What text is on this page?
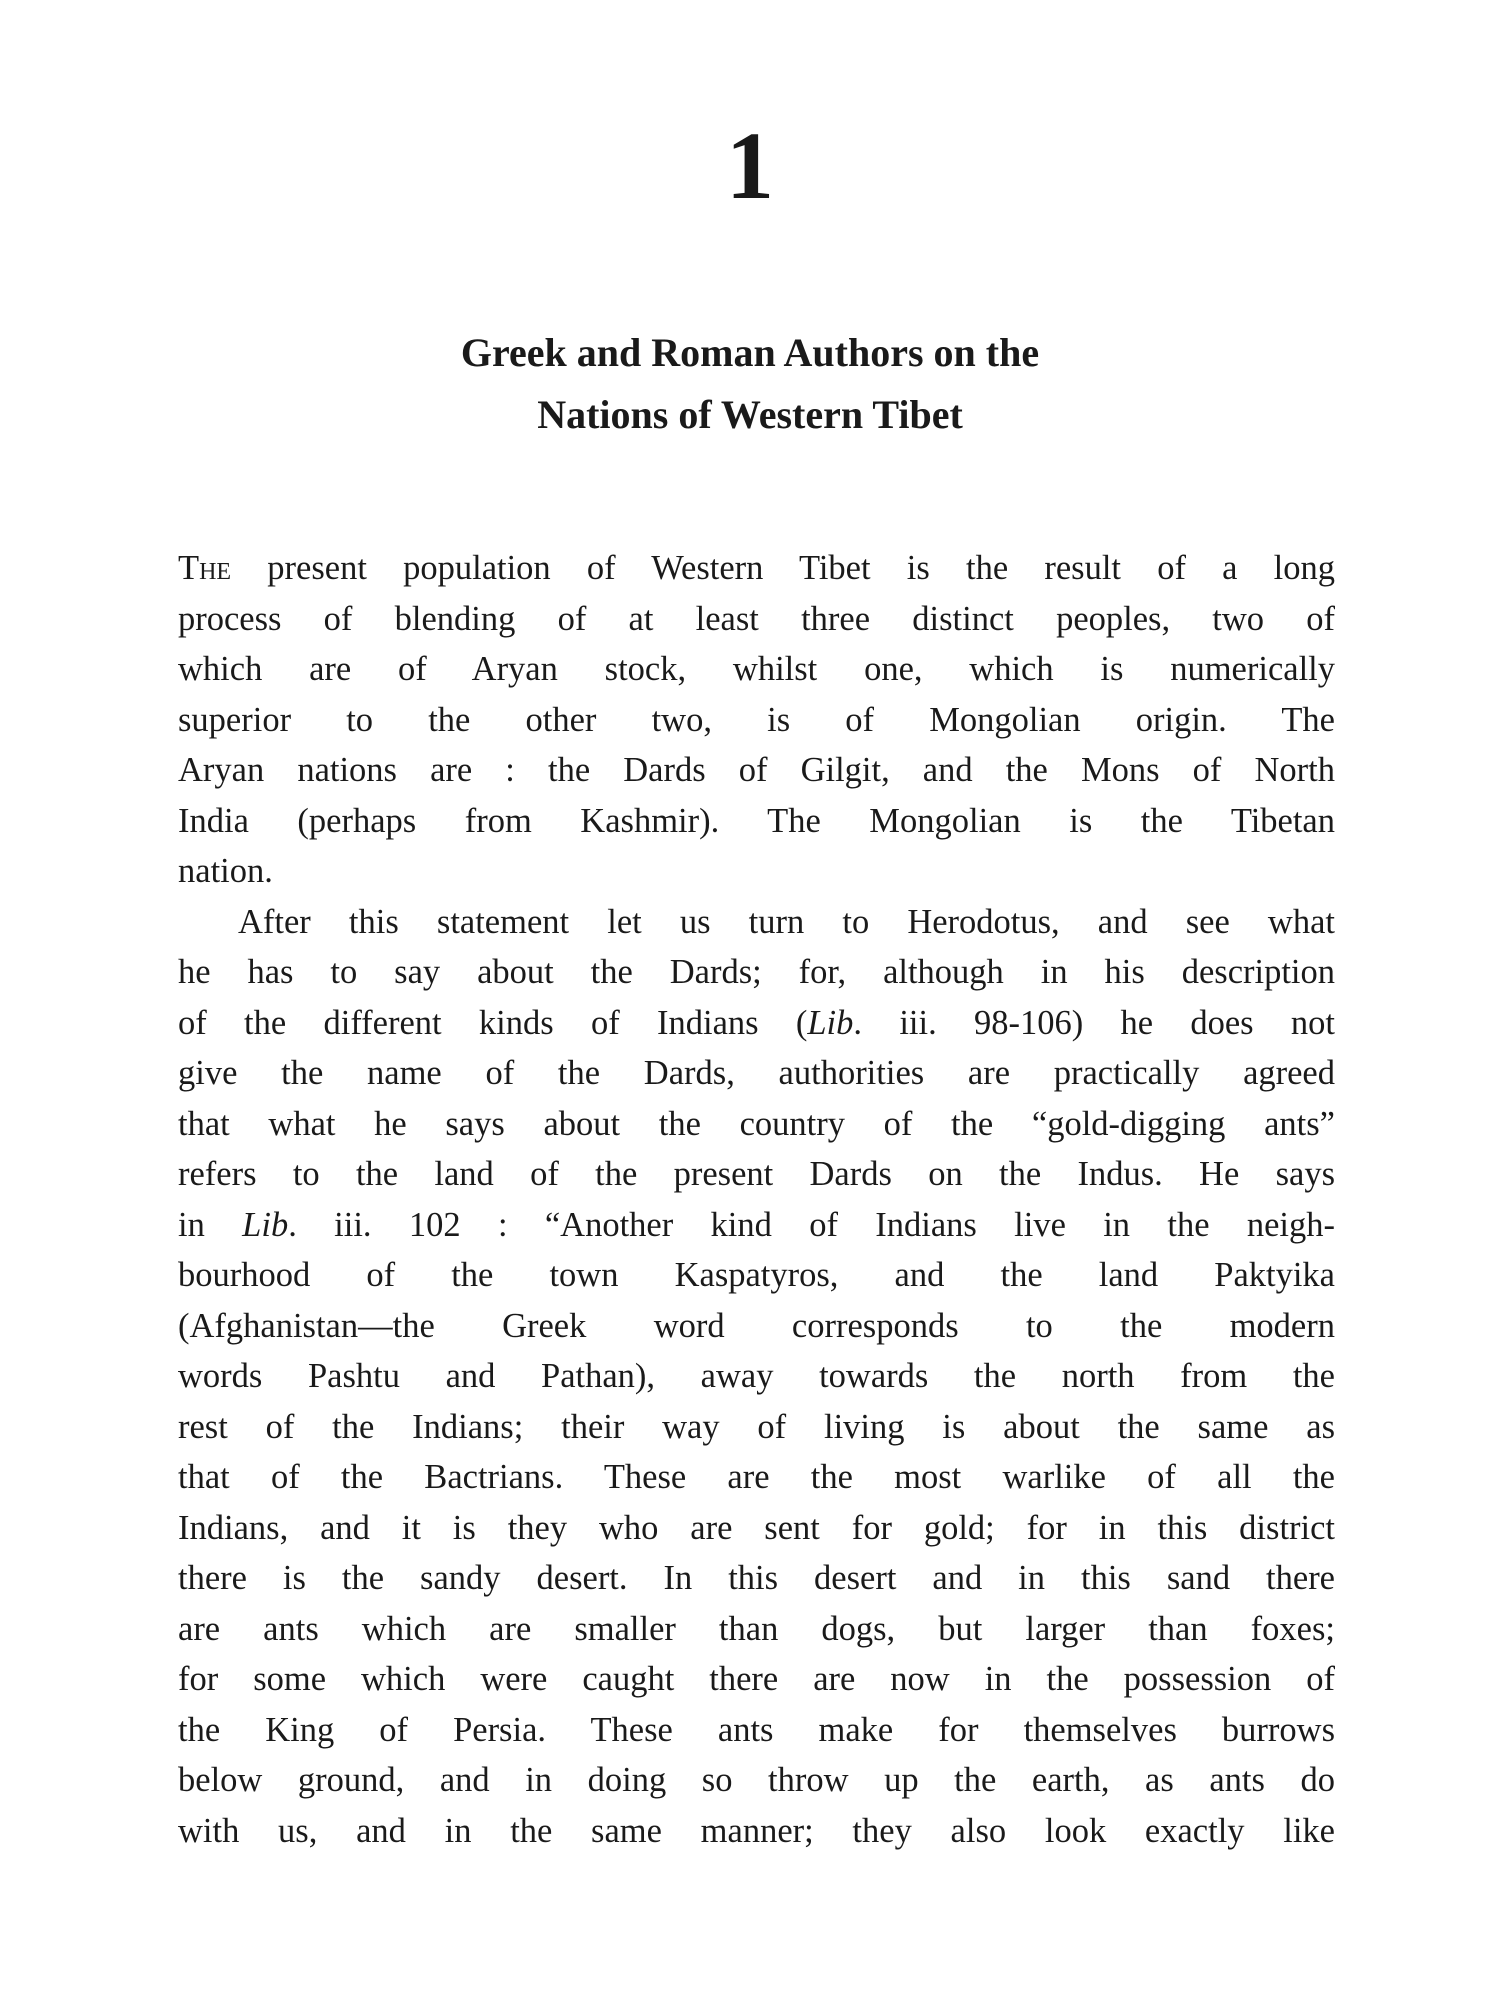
1
Greek and Roman Authors on the
Nations of Western Tibet
The present population of Western Tibet is the result of a long
process of blending of at least three distinct peoples, two of
which are of Aryan stock, whilst one, which is numerically
superior to the other two, is of Mongolian origin. The
Aryan nations are : the Dards of Gilgit, and the Mons of North
India (perhaps from Kashmir). The Mongolian is the Tibetan
nation.
After this statement let us turn to Herodotus, and see what
he has to say about the Dards; for, although in his description
of the different kinds of Indians (Lib. iii. 98-106) he does not
give the name of the Dards, authorities are practically agreed
that what he says about the country of the “gold-digging ants”
refers to the land of the present Dards on the Indus. He says
in Lib. iii. 102 : “Another kind of Indians live in the neigh-
bourhood of the town Kaspatyros, and the land Paktyika
(Afghanistan—the Greek word corresponds to the modern
words Pashtu and Pathan), away towards the north from the
rest of the Indians; their way of living is about the same as
that of the Bactrians. These are the most warlike of all the
Indians, and it is they who are sent for gold; for in this district
there is the sandy desert. In this desert and in this sand there
are ants which are smaller than dogs, but larger than foxes;
for some which were caught there are now in the possession of
the King of Persia. These ants make for themselves burrows
below ground, and in doing so throw up the earth, as ants do
with us, and in the same manner; they also look exactly like
